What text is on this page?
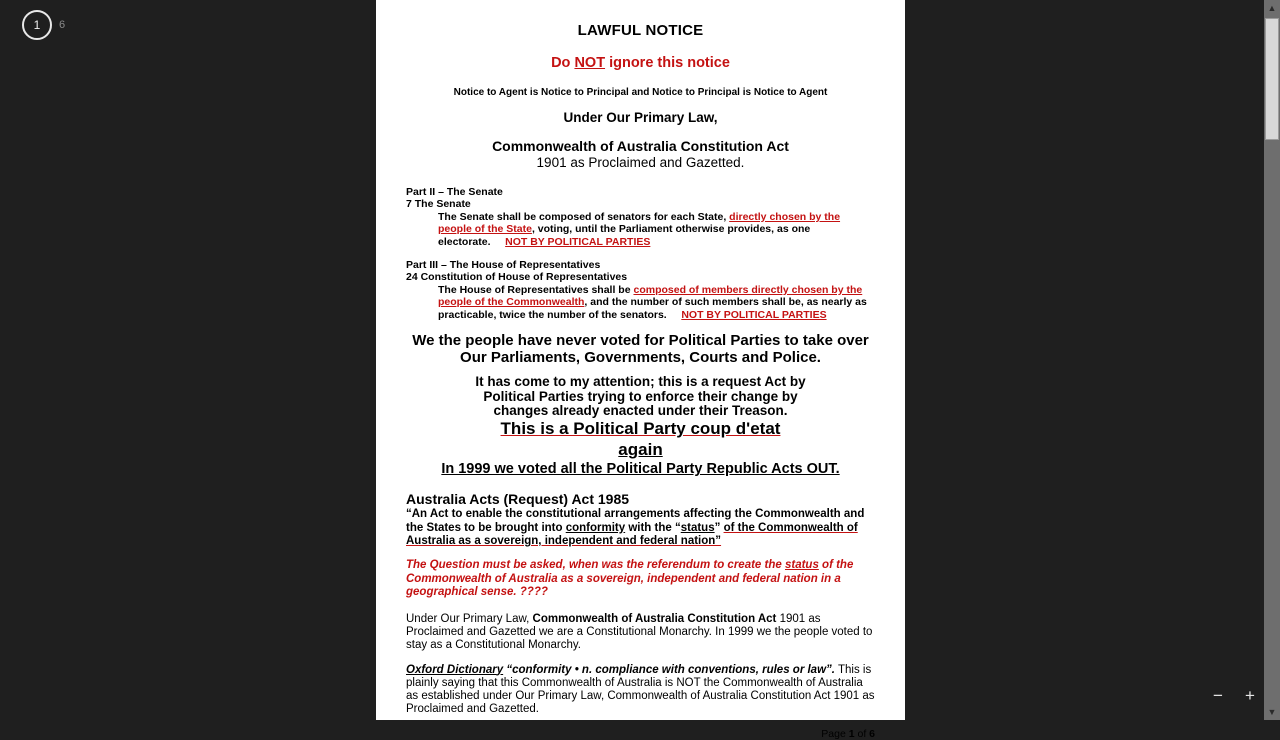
1	6	LAWFUL NOTICE
Do NOT ignore this notice
Notice to Agent is Notice to Principal and Notice to Principal is Notice to Agent
Under Our Primary Law,
Commonwealth of Australia Constitution Act
1901 as Proclaimed and Gazetted.
Part II – The Senate
7 The Senate
The Senate shall be composed of senators for each State, directly chosen by the people of the State, voting, until the Parliament otherwise provides, as one electorate.     NOT BY POLITICAL PARTIES
Part III – The House of Representatives
24 Constitution of House of Representatives
The House of Representatives shall be composed of members directly chosen by the people of the Commonwealth, and the number of such members shall be, as nearly as practicable, twice the number of the senators.     NOT BY POLITICAL PARTIES
We the people have never voted for Political Parties to take over Our Parliaments, Governments, Courts and Police.
It has come to my attention; this is a request Act by
Political Parties trying to enforce their change by
changes already enacted under their Treason.
This is a Political Party coup d'etat
again
In 1999 we voted all the Political Party Republic Acts OUT.
Australia Acts (Request) Act 1985
“An Act to enable the constitutional arrangements affecting the Commonwealth and the States to be brought into conformity with the “status” of the Commonwealth of Australia as a sovereign, independent and federal nation”
The Question must be asked, when was the referendum to create the status of the Commonwealth of Australia as a sovereign, independent and federal nation in a geographical sense. ????
Under Our Primary Law, Commonwealth of Australia Constitution Act 1901 as Proclaimed and Gazetted we are a Constitutional Monarchy. In 1999 we the people voted to stay as a Constitutional Monarchy.
Oxford Dictionary “conformity • n. compliance with conventions, rules or law”. This is plainly saying that this Commonwealth of Australia is NOT the Commonwealth of Australia as established under Our Primary Law, Commonwealth of Australia Constitution Act 1901 as Proclaimed and Gazetted.
Page 1 of 6
− +
▲
▼
